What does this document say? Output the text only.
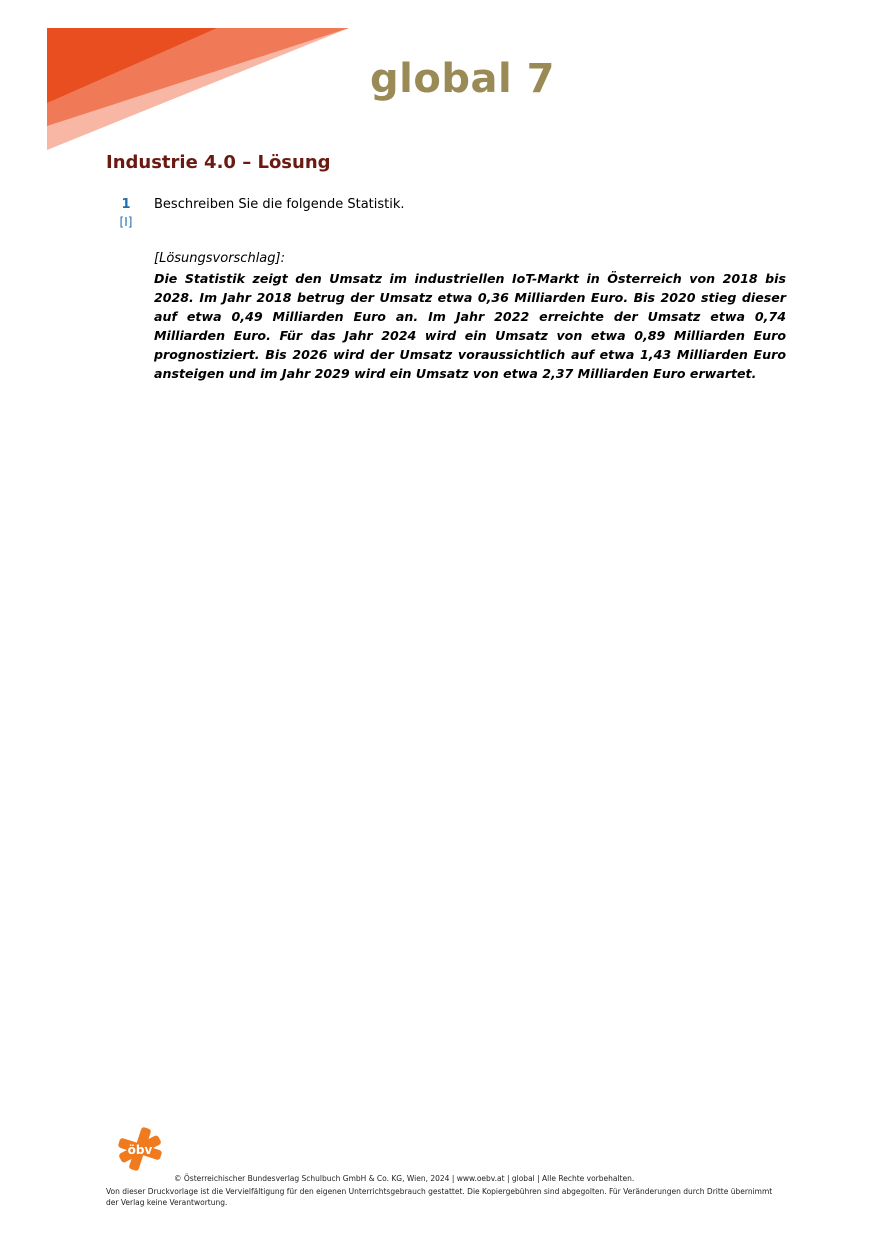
global 7
Industrie 4.0 – Lösung
1
[I]
Beschreiben Sie die folgende Statistik.
[Lösungsvorschlag]:
Die Statistik zeigt den Umsatz im industriellen IoT-Markt in Österreich von 2018 bis 2028. Im Jahr 2018 betrug der Umsatz etwa 0,36 Milliarden Euro. Bis 2020 stieg dieser auf etwa 0,49 Milliarden Euro an. Im Jahr 2022 erreichte der Umsatz etwa 0,74 Milliarden Euro. Für das Jahr 2024 wird ein Umsatz von etwa 0,89 Milliarden Euro prognostiziert. Bis 2026 wird der Umsatz voraussichtlich auf etwa 1,43 Milliarden Euro ansteigen und im Jahr 2029 wird ein Umsatz von etwa 2,37 Milliarden Euro erwartet.
öbv
© Österreichischer Bundesverlag Schulbuch GmbH & Co. KG, Wien, 2024 | www.oebv.at | global | Alle Rechte vorbehalten.
Von dieser Druckvorlage ist die Vervielfältigung für den eigenen Unterrichtsgebrauch gestattet. Die Kopiergebühren sind abgegolten. Für Veränderungen durch Dritte übernimmt der Verlag keine Verantwortung.
